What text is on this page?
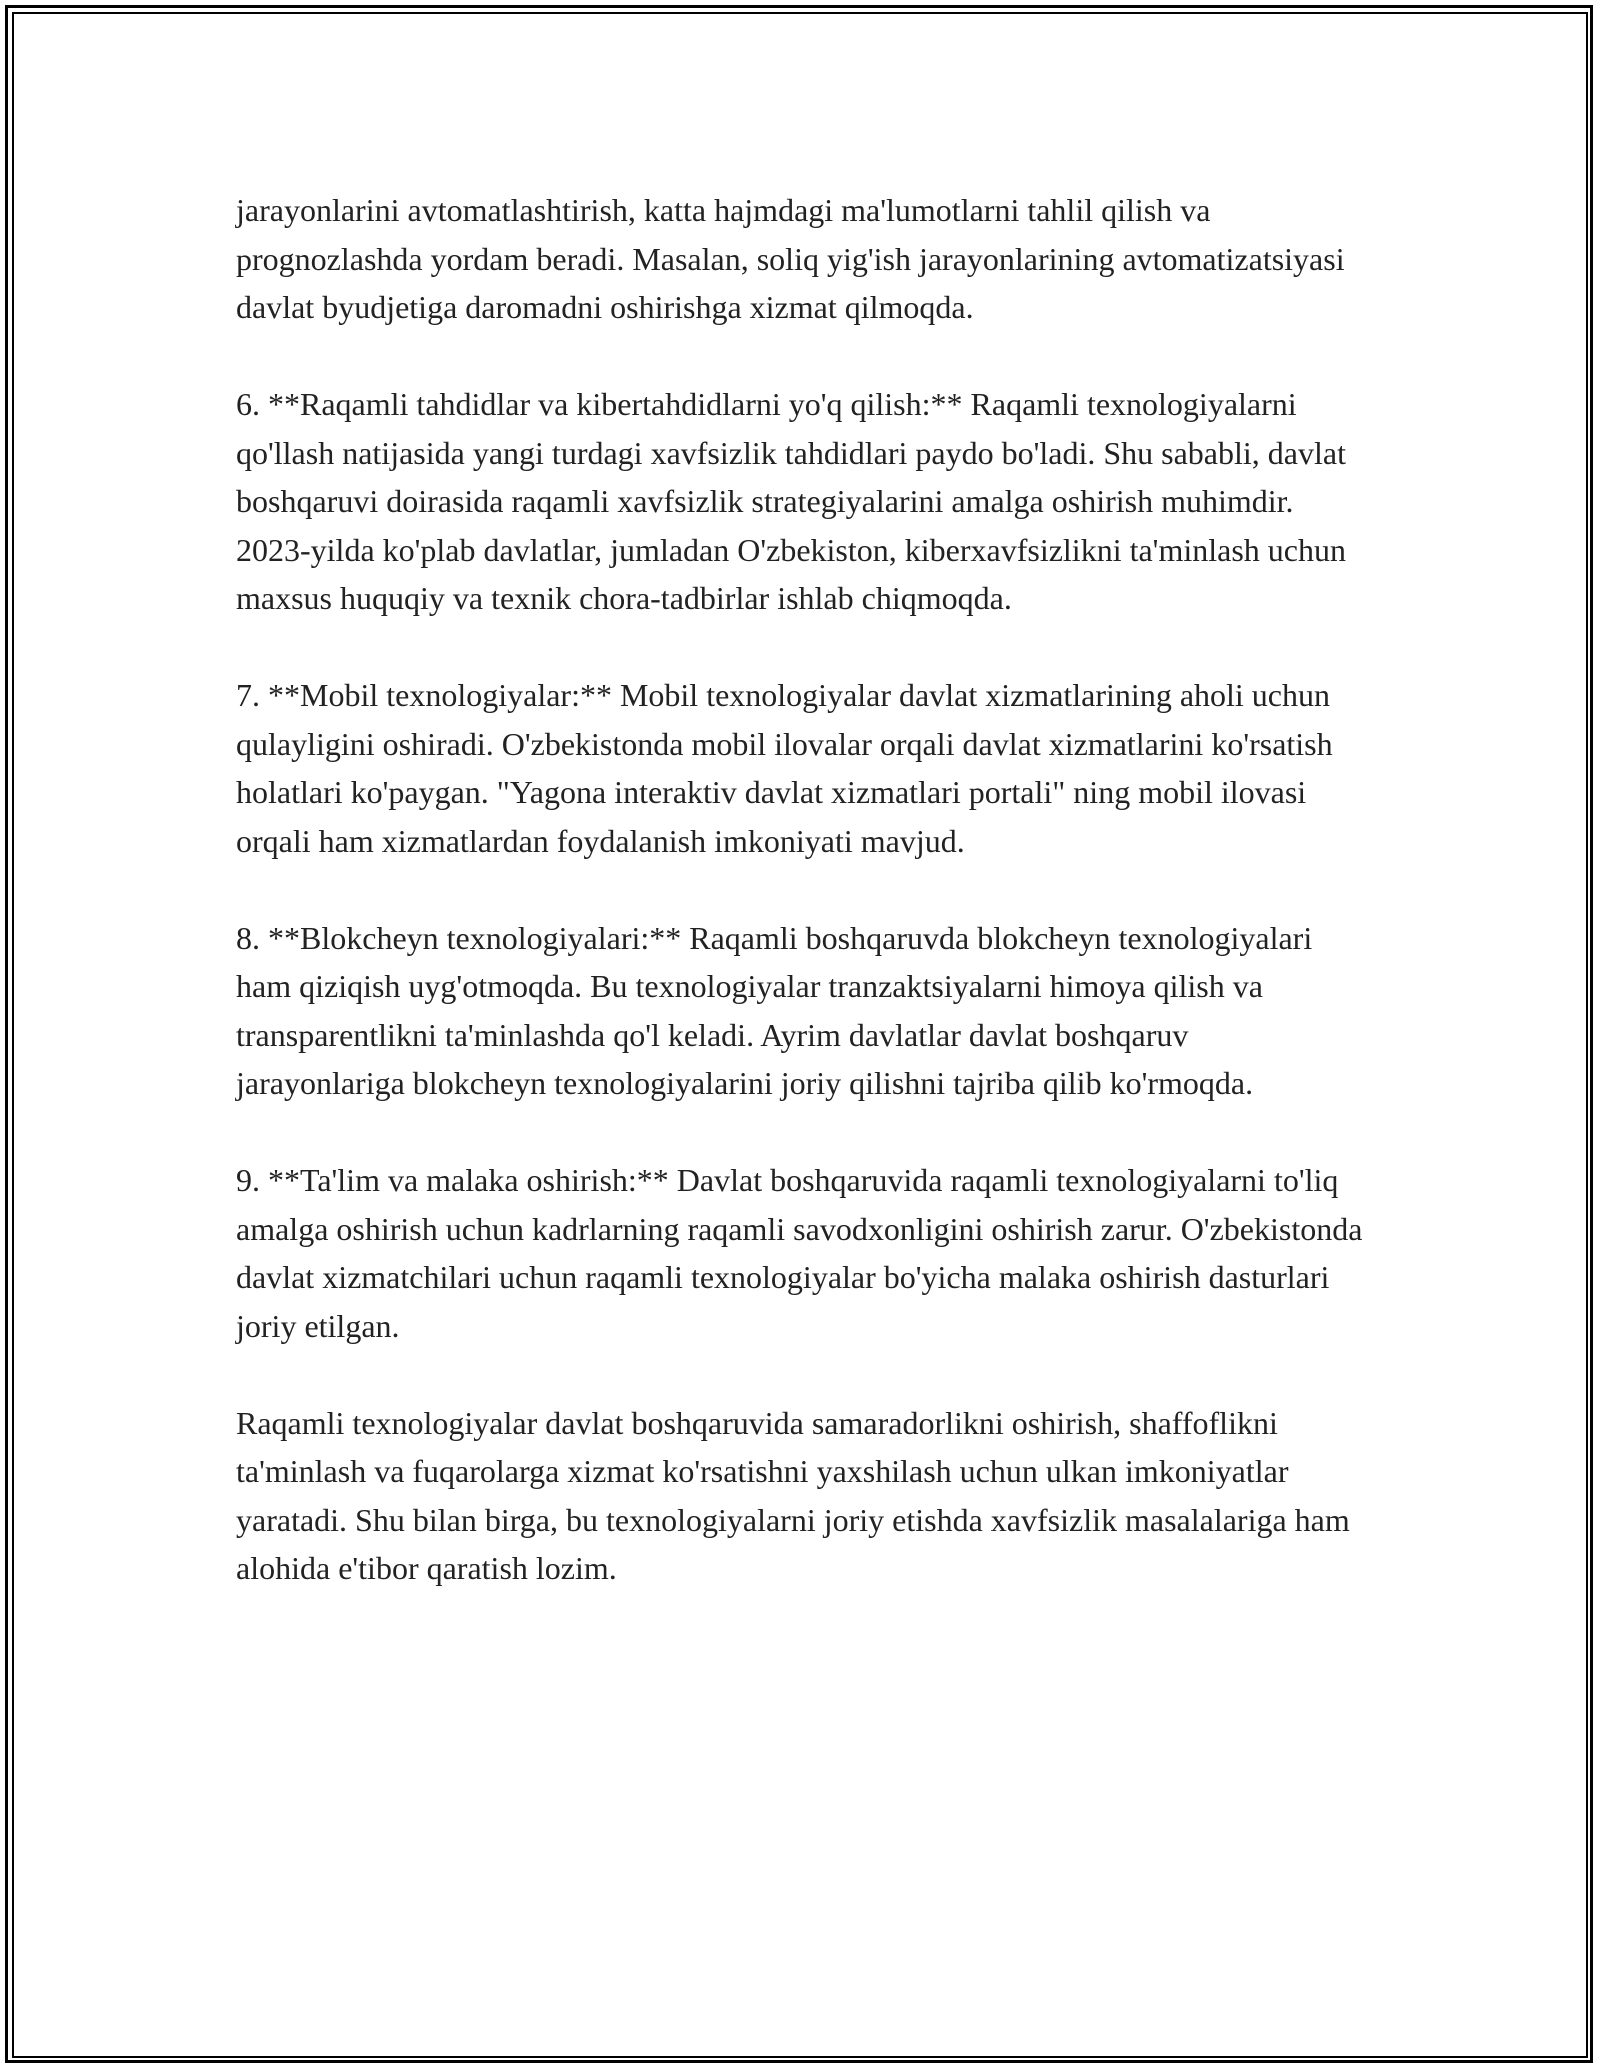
jarayonlarini avtomatlashtirish, katta hajmdagi ma'lumotlarni tahlil qilish va prognozlashda yordam beradi. Masalan, soliq yig'ish jarayonlarining avtomatizatsiyasi davlat byudjetiga daromadni oshirishga xizmat qilmoqda.

6. **Raqamli tahdidlar va kibertahdidlarni yo'q qilish:** Raqamli texnologiyalarni qo'llash natijasida yangi turdagi xavfsizlik tahdidlari paydo bo'ladi. Shu sababli, davlat boshqaruvi doirasida raqamli xavfsizlik strategiyalarini amalga oshirish muhimdir. 2023-yilda ko'plab davlatlar, jumladan O'zbekiston, kiberxavfsizlikni ta'minlash uchun maxsus huquqiy va texnik chora-tadbirlar ishlab chiqmoqda.

7. **Mobil texnologiyalar:** Mobil texnologiyalar davlat xizmatlarining aholi uchun qulayligini oshiradi. O'zbekistonda mobil ilovalar orqali davlat xizmatlarini ko'rsatish holatlari ko'paygan. "Yagona interaktiv davlat xizmatlari portali" ning mobil ilovasi orqali ham xizmatlardan foydalanish imkoniyati mavjud.

8. **Blokcheyn texnologiyalari:** Raqamli boshqaruvda blokcheyn texnologiyalari ham qiziqish uyg'otmoqda. Bu texnologiyalar tranzaktsiyalarni himoya qilish va transparentlikni ta'minlashda qo'l keladi. Ayrim davlatlar davlat boshqaruv jarayonlariga blokcheyn texnologiyalarini joriy qilishni tajriba qilib ko'rmoqda.

9. **Ta'lim va malaka oshirish:** Davlat boshqaruvida raqamli texnologiyalarni to'liq amalga oshirish uchun kadrlarning raqamli savodxonligini oshirish zarur. O'zbekistonda davlat xizmatchilari uchun raqamli texnologiyalar bo'yicha malaka oshirish dasturlari joriy etilgan.

Raqamli texnologiyalar davlat boshqaruvida samaradorlikni oshirish, shaffoflikni ta'minlash va fuqarolarga xizmat ko'rsatishni yaxshilash uchun ulkan imkoniyatlar yaratadi. Shu bilan birga, bu texnologiyalarni joriy etishda xavfsizlik masalalariga ham alohida e'tibor qaratish lozim.
